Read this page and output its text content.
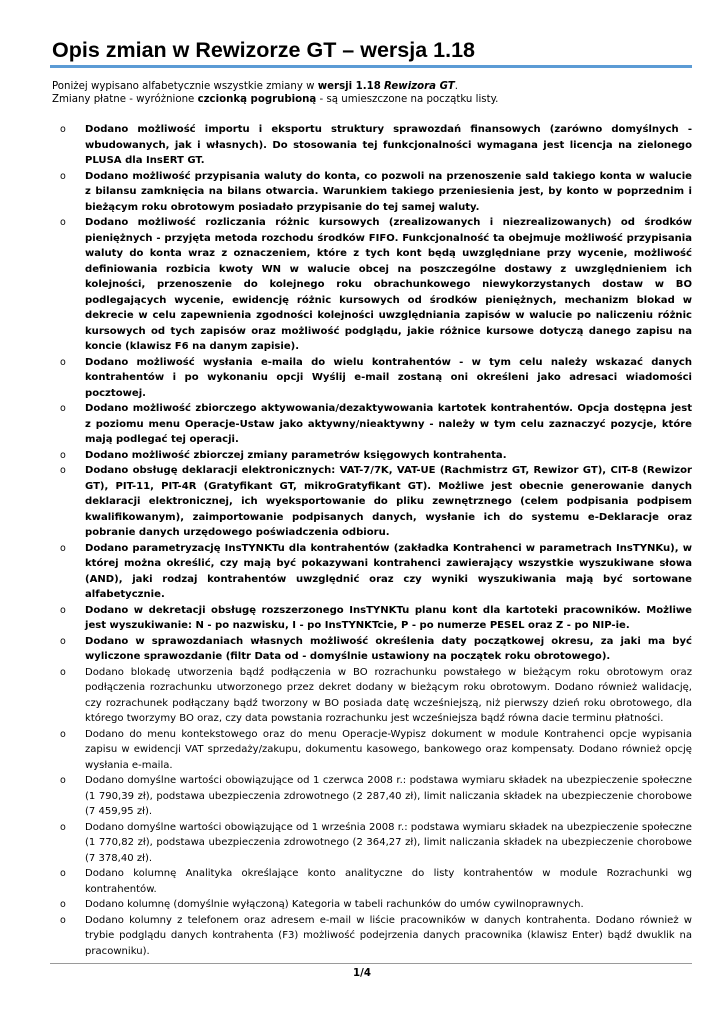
Opis zmian w Rewizorze GT – wersja 1.18

Poniżej wypisano alfabetycznie wszystkie zmiany w wersji 1.18 Rewizora GT.

Zmiany płatne - wyróżnione czcionką pogrubioną - są umieszczone na początku listy.

o Dodano możliwość importu i eksportu struktury sprawozdań finansowych (zarówno domyślnych - wbudowanych, jak i własnych). Do stosowania tej funkcjonalności wymagana jest licencja na zielonego PLUSA dla InsERT GT.
o Dodano możliwość przypisania waluty do konta, co pozwoli na przenoszenie sald takiego konta w walucie z bilansu zamknięcia na bilans otwarcia. Warunkiem takiego przeniesienia jest, by konto w poprzednim i bieżącym roku obrotowym posiadało przypisanie do tej samej waluty.
o Dodano możliwość rozliczania różnic kursowych (zrealizowanych i niezrealizowanych) od środków pieniężnych - przyjęta metoda rozchodu środków FIFO. Funkcjonalność ta obejmuje możliwość przypisania waluty do konta wraz z oznaczeniem, które z tych kont będą uwzględniane przy wycenie, możliwość definiowania rozbicia kwoty WN w walucie obcej na poszczególne dostawy z uwzględnieniem ich kolejności, przenoszenie do kolejnego roku obrachunkowego niewykorzystanych dostaw w BO podlegających wycenie, ewidencję różnic kursowych od środków pieniężnych, mechanizm blokad w dekrecie w celu zapewnienia zgodności kolejności uwzględniania zapisów w walucie po naliczeniu różnic kursowych od tych zapisów oraz możliwość podglądu, jakie różnice kursowe dotyczą danego zapisu na koncie (klawisz F6 na danym zapisie).
o Dodano możliwość wysłania e-maila do wielu kontrahentów - w tym celu należy wskazać danych kontrahentów i po wykonaniu opcji Wyślij e-mail zostaną oni określeni jako adresaci wiadomości pocztowej.
o Dodano możliwość zbiorczego aktywowania/dezaktywowania kartotek kontrahentów. Opcja dostępna jest z poziomu menu Operacje-Ustaw jako aktywny/nieaktywny - należy w tym celu zaznaczyć pozycje, które mają podlegać tej operacji.
o Dodano możliwość zbiorczej zmiany parametrów księgowych kontrahenta.
o Dodano obsługę deklaracji elektronicznych: VAT-7/7K, VAT-UE (Rachmistrz GT, Rewizor GT), CIT-8 (Rewizor GT), PIT-11, PIT-4R (Gratyfikant GT, mikroGratyfikant GT). Możliwe jest obecnie generowanie danych deklaracji elektronicznej, ich wyeksportowanie do pliku zewnętrznego (celem podpisania podpisem kwalifikowanym), zaimportowanie podpisanych danych, wysłanie ich do systemu e-Deklaracje oraz pobranie danych urzędowego poświadczenia odbioru.
o Dodano parametryzację InsTYNKTu dla kontrahentów (zakładka Kontrahenci w parametrach InsTYNKu), w której można określić, czy mają być pokazywani kontrahenci zawierający wszystkie wyszukiwane słowa (AND), jaki rodzaj kontrahentów uwzględnić oraz czy wyniki wyszukiwania mają być sortowane alfabetycznie.
o Dodano w dekretacji obsługę rozszerzonego InsTYNKTu planu kont dla kartoteki pracowników. Możliwe jest wyszukiwanie: N - po nazwisku, I - po InsTYNKTcie, P - po numerze PESEL oraz Z - po NIP-ie.
o Dodano w sprawozdaniach własnych możliwość określenia daty początkowej okresu, za jaki ma być wyliczone sprawozdanie (filtr Data od - domyślnie ustawiony na początek roku obrotowego).
o Dodano blokadę utworzenia bądź podłączenia w BO rozrachunku powstałego w bieżącym roku obrotowym oraz podłączenia rozrachunku utworzonego przez dekret dodany w bieżącym roku obrotowym. Dodano również walidację, czy rozrachunek podłączany bądź tworzony w BO posiada datę wcześniejszą, niż pierwszy dzień roku obrotowego, dla którego tworzymy BO oraz, czy data powstania rozrachunku jest wcześniejsza bądź równa dacie terminu płatności.
o Dodano do menu kontekstowego oraz do menu Operacje-Wypisz dokument w module Kontrahenci opcje wypisania zapisu w ewidencji VAT sprzedaży/zakupu, dokumentu kasowego, bankowego oraz kompensaty. Dodano również opcję wysłania e-maila.
o Dodano domyślne wartości obowiązujące od 1 czerwca 2008 r.: podstawa wymiaru składek na ubezpieczenie społeczne (1 790,39 zł), podstawa ubezpieczenia zdrowotnego (2 287,40 zł), limit naliczania składek na ubezpieczenie chorobowe (7 459,95 zł).
o Dodano domyślne wartości obowiązujące od 1 września 2008 r.: podstawa wymiaru składek na ubezpieczenie społeczne (1 770,82 zł), podstawa ubezpieczenia zdrowotnego (2 364,27 zł), limit naliczania składek na ubezpieczenie chorobowe (7 378,40 zł).
o Dodano kolumnę Analityka określające konto analityczne do listy kontrahentów w module Rozrachunki wg kontrahentów.
o Dodano kolumnę (domyślnie wyłączoną) Kategoria w tabeli rachunków do umów cywilnoprawnych.
o Dodano kolumny z telefonem oraz adresem e-mail w liście pracowników w danych kontrahenta. Dodano również w trybie podglądu danych kontrahenta (F3) możliwość podejrzenia danych pracownika (klawisz Enter) bądź dwuklik na pracowniku).
1/4
